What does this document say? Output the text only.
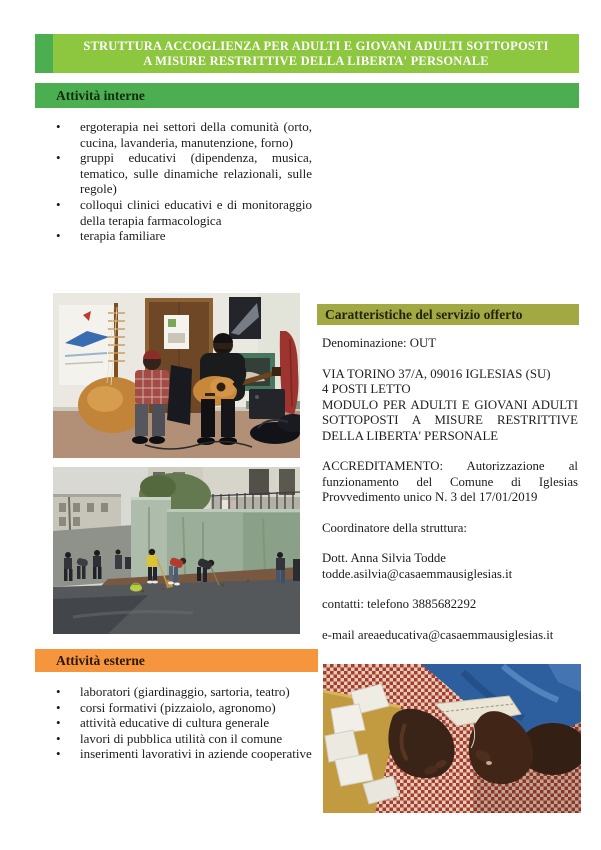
STRUTTURA ACCOGLIENZA PER ADULTI E GIOVANI ADULTI SOTTOPOSTI A MISURE RESTRITTIVE DELLA LIBERTA' PERSONALE
Attività interne
•	ergoterapia nei settori della comunità (orto, cucina, lavanderia, manutenzione, forno)
•	gruppi educativi (dipendenza, musica, tematico, sulle dinamiche relazionali, sulle regole)
•	colloqui clinici educativi e di monitoraggio della terapia farmacologica
•	terapia familiare
Caratteristiche del servizio offerto

Denominazione: OUT

VIA TORINO 37/A, 09016 IGLESIAS (SU)
4 POSTI LETTO
MODULO PER ADULTI E GIOVANI ADULTI SOTTOPOSTI A MISURE RESTRITTIVE DELLA LIBERTA' PERSONALE

ACCREDITAMENTO: Autorizzazione al funzionamento del Comune di Iglesias Provvedimento unico N. 3 del 17/01/2019

Coordinatore della struttura:

Dott. Anna Silvia Todde
todde.asilvia@casaemmausiglesias.it

contatti: telefono 3885682292

e-mail areaeducativa@casaemmausiglesias.it

Attività esterne
•	laboratori (giardinaggio, sartoria, teatro)
•	corsi formativi (pizzaiolo, agronomo)
•	attività educative di cultura generale
•	lavori di pubblica utilità con il comune
•	inserimenti lavorativi in aziende cooperative
